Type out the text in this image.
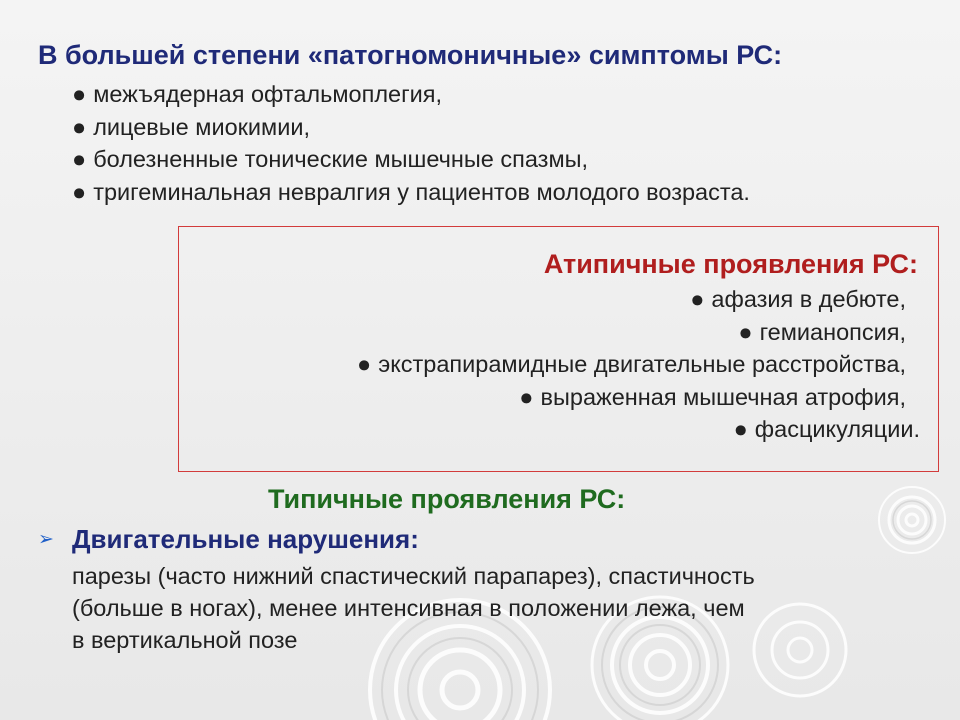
В большей степени «патогномоничные» симптомы РС:
● межъядерная офтальмоплегия,
● лицевые миокимии,
● болезненные тонические мышечные спазмы,
● тригеминальная невралгия у пациентов молодого возраста.
Атипичные проявления РС:
● афазия в дебюте,
● гемианопсия,
● экстрапирамидные двигательные расстройства,
● выраженная мышечная атрофия,
● фасцикуляции.
Типичные проявления РС:
➢ Двигательные нарушения:
парезы (часто нижний спастический парапарез), спастичность
(больше в ногах), менее интенсивная в положении лежа, чем
в вертикальной позе
